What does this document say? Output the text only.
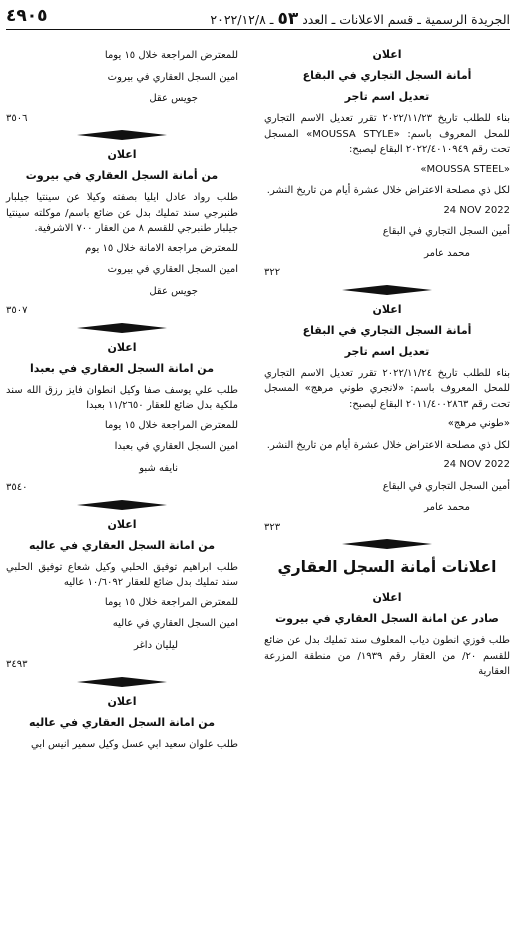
الجريدة الرسمية ـ قسم الاعلانات ـ العدد ٥٣ ـ ٢٠٢٢/١٢/٨
٤٩٠٥
اعلان
أمانة السجل التجاري في البقاع
تعديل اسم تاجر
بناء للطلب تاريخ ٢٠٢٢/١١/٢٣ تقرر تعديل الاسم التجاري للمحل المعروف باسم: «MOUSSA STYLE» المسجل تحت رقم ٢٠٢٢/٤٠١٠٩٤٩ البقاع ليصبح:
«MOUSSA STEEL»
لكل ذي مصلحة الاعتراض خلال عشرة أيام من تاريخ النشر.
24 NOV 2022
أمين السجل التجاري في البقاع
محمد عامر
٣٢٢
اعلان
أمانة السجل التجاري في البقاع
تعديل اسم تاجر
بناء للطلب تاريخ ٢٠٢٢/١١/٢٤ تقرر تعديل الاسم التجاري للمحل المعروف باسم: «لانجري طوني مرهج» المسجل تحت رقم ٢٠١١/٤٠٠٢٨٦٣ البقاع ليصبح:
«طوني مرهج»
لكل ذي مصلحة الاعتراض خلال عشرة أيام من تاريخ النشر.
24 NOV 2022
أمين السجل التجاري في البقاع
محمد عامر
٣٢٣
اعلانات أمانة السجل العقاري
اعلان
صادر عن امانة السجل العقاري في بيروت
طلب فوزي انطون دياب المعلوف سند تمليك بدل عن ضائع للقسم ٢٠/ من العقار رقم ١٩٣٩/ من منطقة المزرعة العقارية
للمعترض المراجعة خلال ١٥ يوما
امين السجل العقاري في بيروت
جويس عقل
٣٥٠٦
اعلان
من أمانة السجل العقاري في بيروت
طلب رواد عادل ايليا بصفته وكيلا عن سينتيا جيلبار طنبرجي سند تمليك بدل عن ضائع باسم/ موكلته سينتيا جيلبار طنبرجي للقسم ٨ من العقار ٧٠٠ الاشرفية.
للمعترض مراجعة الامانة خلال ١٥ يوم
امين السجل العقاري في بيروت
جويس عقل
٣٥٠٧
اعلان
من امانة السجل العقاري في بعبدا
طلب علي يوسف صفا وكيل انطوان فايز رزق الله سند ملكية بدل ضائع للعقار ١١/٢٦٥٠ بعبدا
للمعترض المراجعة خلال ١٥ يوما
امين السجل العقاري في بعبدا
نايفه شبو
٣٥٤٠
اعلان
من امانة السجل العقاري في عاليه
طلب ابراهيم توفيق الحلبي وكيل شعاع توفيق الحلبي سند تمليك بدل ضائع للعقار ١٠/٦٠٩٢ عاليه
للمعترض المراجعة خلال ١٥ يوما
امين السجل العقاري في عاليه
ليليان داغر
٣٤٩٣
اعلان
من امانة السجل العقاري في عاليه
طلب علوان سعيد ابي عسل وكيل سمير انيس ابي
